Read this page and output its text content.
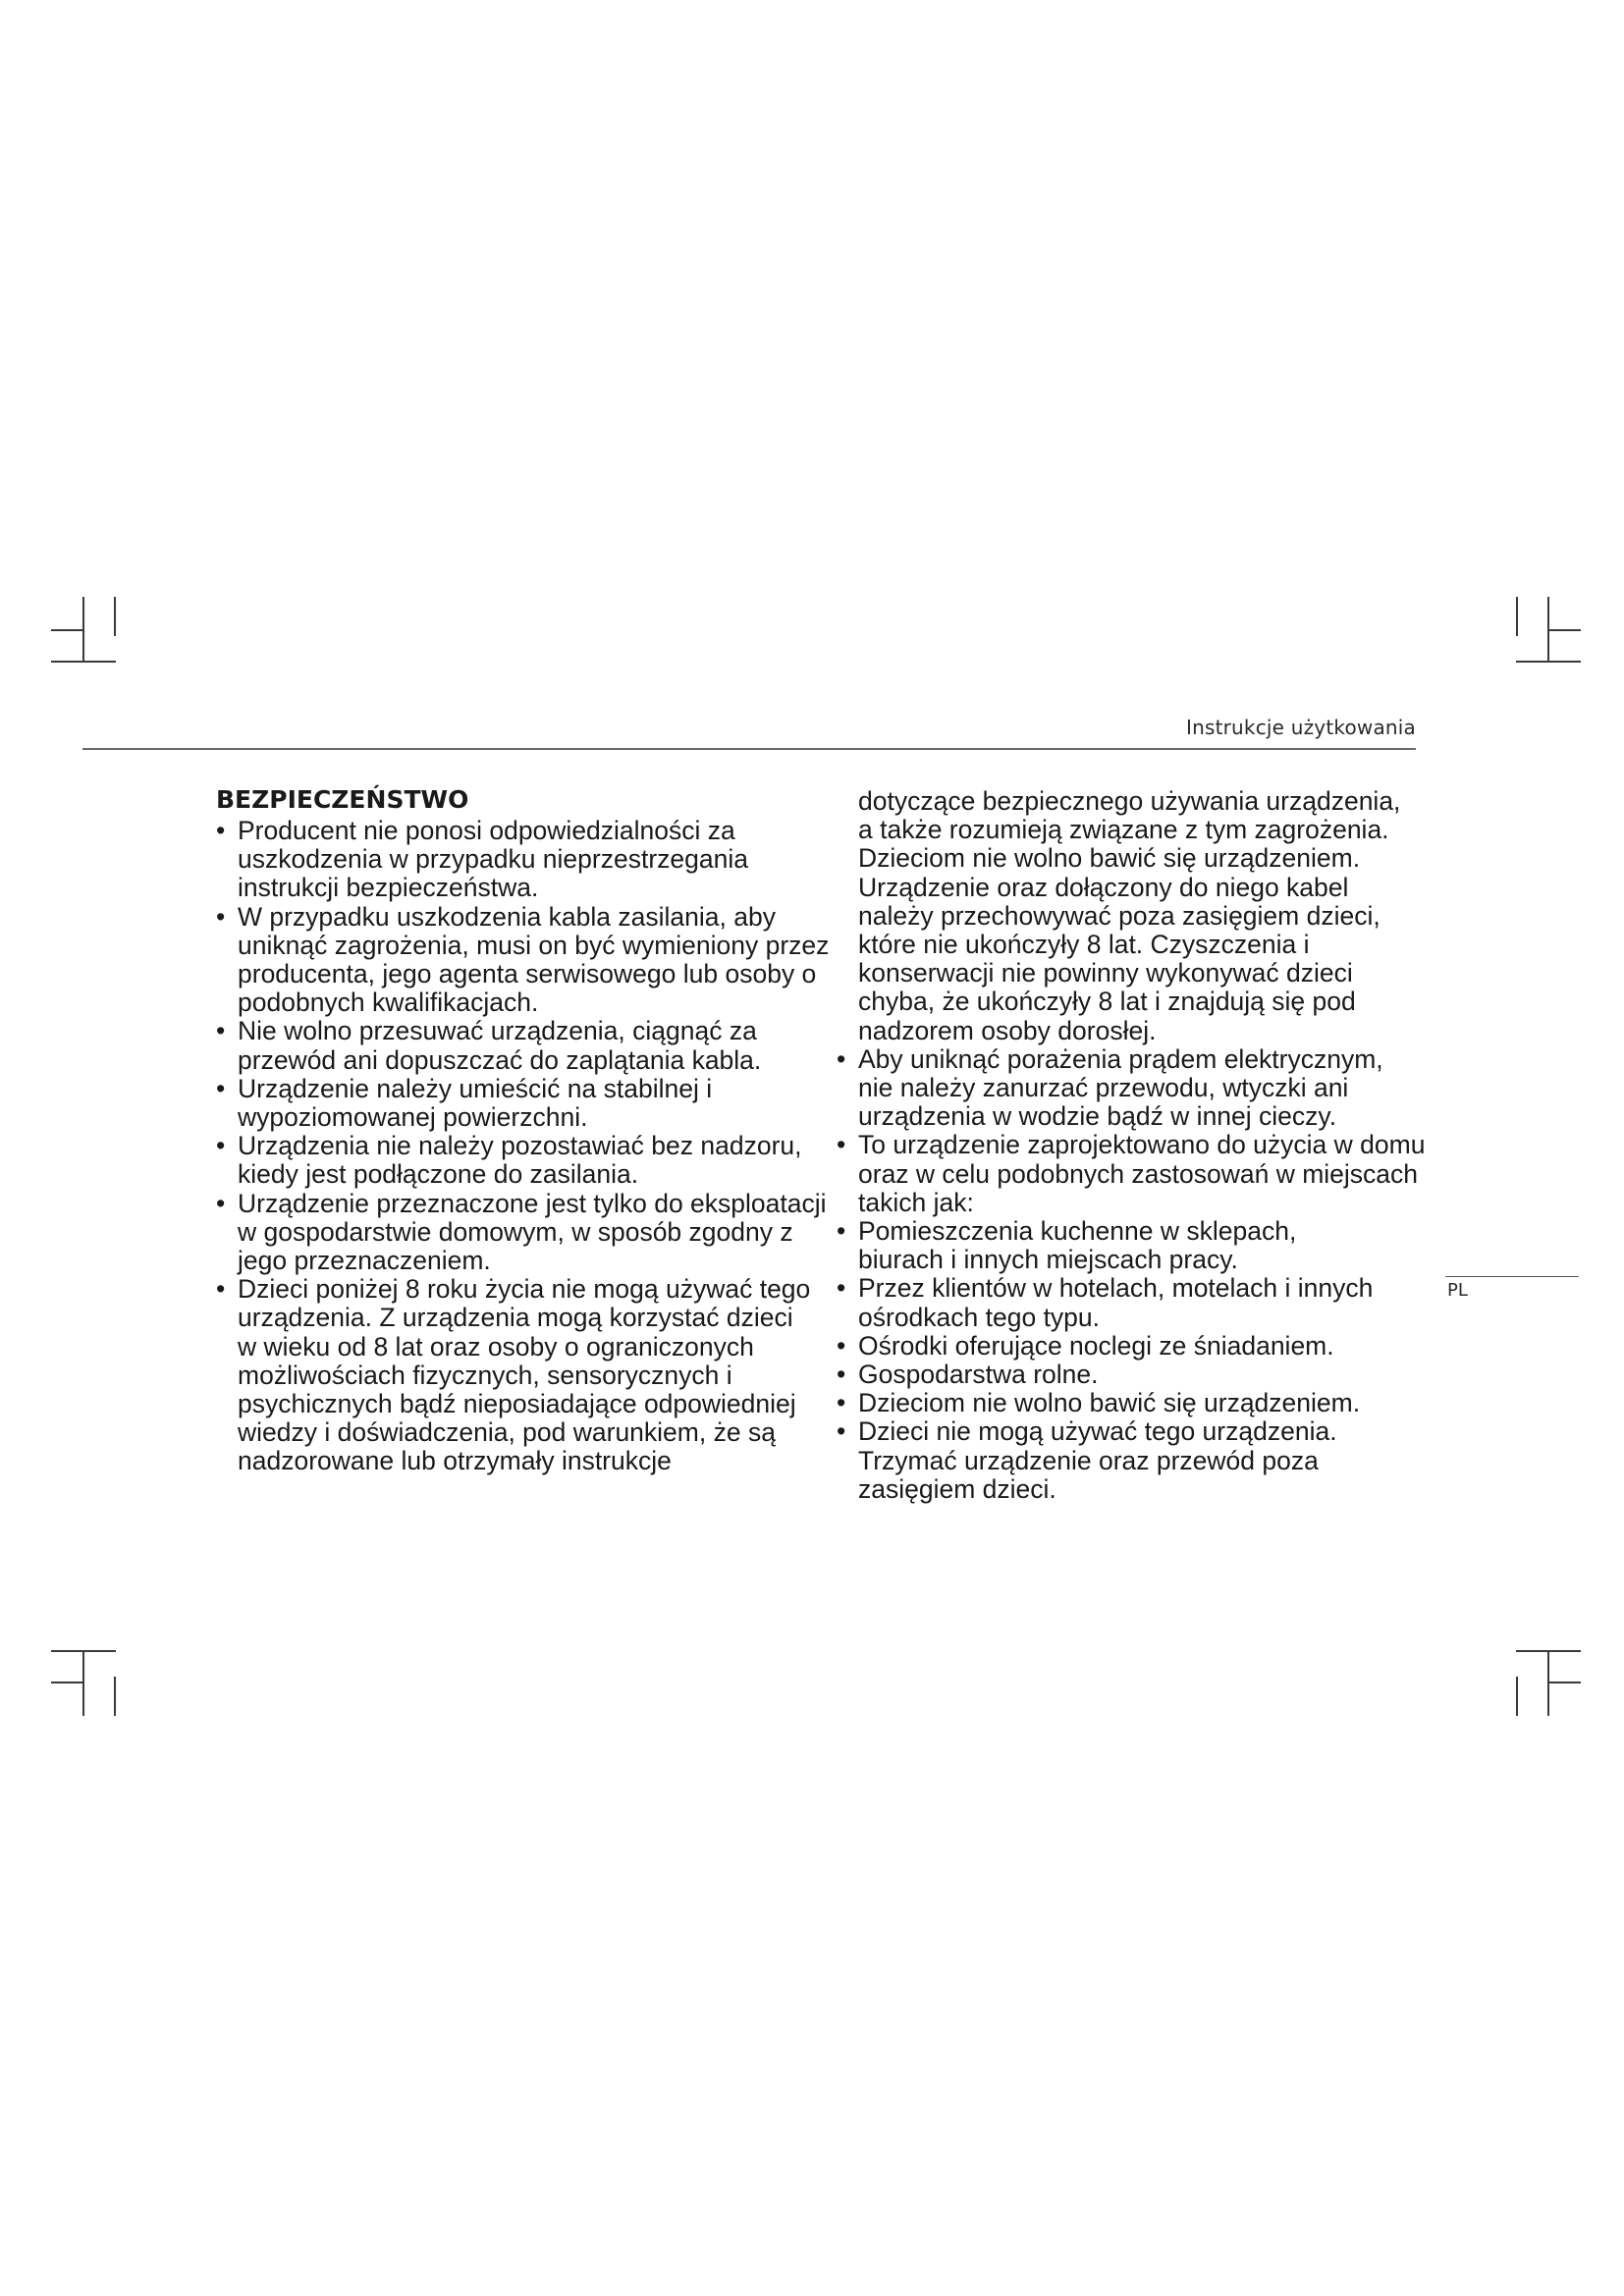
Instrukcje użytkowania
PL
BEZPIECZEŃSTWO

• Producent nie ponosi odpowiedzialności za uszkodzenia w przypadku nieprzestrzegania instrukcji bezpieczeństwa.

• W przypadku uszkodzenia kabla zasilania, aby uniknąć zagrożenia, musi on być wymieniony przez producenta, jego agenta serwisowego lub osoby o podobnych kwalifikacjach.

• Nie wolno przesuwać urządzenia, ciągnąć za przewód ani dopuszczać do zaplątania kabla.

• Urządzenie należy umieścić na stabilnej i wypoziomowanej powierzchni.

• Urządzenia nie należy pozostawiać bez nadzoru, kiedy jest podłączone do zasilania.

• Urządzenie przeznaczone jest tylko do eksploatacji w gospodarstwie domowym, w sposób zgodny z jego przeznaczeniem.

• Dzieci poniżej 8 roku życia nie mogą używać tego urządzenia. Z urządzenia mogą korzystać dzieci w wieku od 8 lat oraz osoby o ograniczonych możliwościach fizycznych, sensorycznych i psychicznych bądź nieposiadające odpowiedniej wiedzy i doświadczenia, pod warunkiem, że są nadzorowane lub otrzymały instrukcje

dotyczące bezpiecznego używania urządzenia, a także rozumieją związane z tym zagrożenia. Dzieciom nie wolno bawić się urządzeniem. Urządzenie oraz dołączony do niego kabel należy przechowywać poza zasięgiem dzieci, które nie ukończyły 8 lat. Czyszczenia i konserwacji nie powinny wykonywać dzieci chyba, że ukończyły 8 lat i znajdują się pod nadzorem osoby dorosłej.

• Aby uniknąć porażenia prądem elektrycznym, nie należy zanurzać przewodu, wtyczki ani urządzenia w wodzie bądź w innej cieczy.

• To urządzenie zaprojektowano do użycia w domu oraz w celu podobnych zastosowań w miejscach takich jak:

• Pomieszczenia kuchenne w sklepach, biurach i innych miejscach pracy.

• Przez klientów w hotelach, motelach i innych ośrodkach tego typu.

• Ośrodki oferujące noclegi ze śniadaniem.

• Gospodarstwa rolne.

• Dzieciom nie wolno bawić się urządzeniem.

• Dzieci nie mogą używać tego urządzenia. Trzymać urządzenie oraz przewód poza zasięgiem dzieci.
